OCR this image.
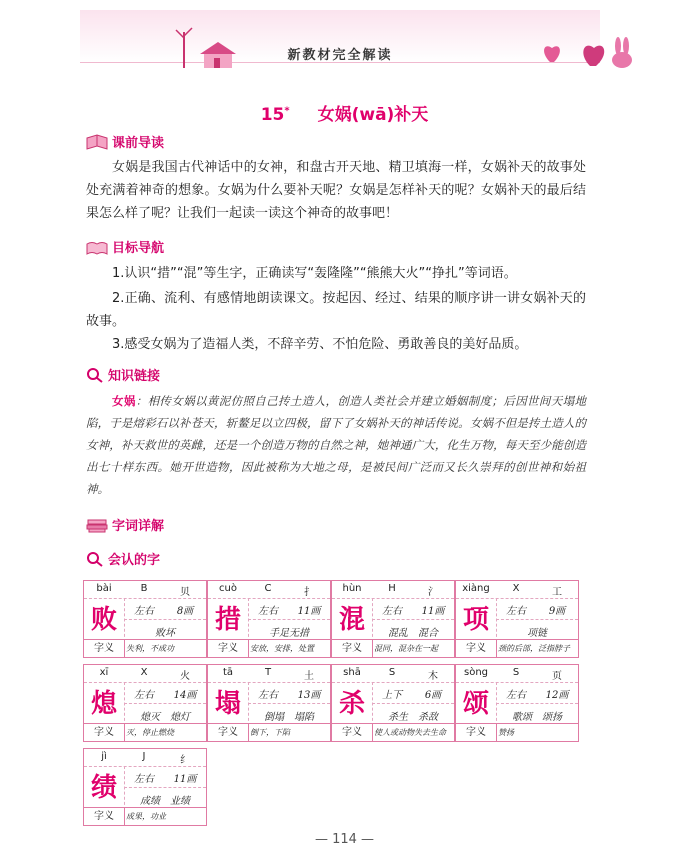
新教材完全解读
15* 女娲(wā)补天
课前导读
女娲是我国古代神话中的女神，和盘古开天地、精卫填海一样，女娲补天的故事处处充满着神奇的想象。女娲为什么要补天呢？女娲是怎样补天的呢？女娲补天的最后结果怎么样了呢？让我们一起读一读这个神奇的故事吧！
目标导航
1.认识“措”“混”等生字，正确读写“轰隆隆”“熊熊大火”“挣扎”等词语。
2.正确、流利、有感情地朗读课文。按起因、经过、结果的顺序讲一讲女娲补天的故事。
3.感受女娲为了造福人类，不辞辛劳、不怕危险、勇敢善良的美好品质。
知识链接
女娲：相传女娲以黄泥仿照自己抟土造人，创造人类社会并建立婚姻制度；后因世间天塌地陷，于是熔彩石以补苍天，斩鳌足以立四极，留下了女娲补天的神话传说。女娲不但是抟土造人的女神，补天救世的英雌，还是一个创造万物的自然之神，她神通广大，化生万物，每天至少能创造出七十样东西。她开世造物，因此被称为大地之母，是被民间广泛而又长久崇拜的创世神和始祖神。
字词详解
会认的字
bài	B	贝
败	左右	8画
败坏
字义	失利，不成功
cuò	C	扌
措	左右	11画
手足无措
字义	安放，安排，处置
hùn	H	氵
混	左右	11画
混乱　混合
字义	混同，混杂在一起
xiàng	X	工
项	左右	9画
项链
字义	颈的后部，泛指脖子
xī	X	火
熄	左右	14画
熄灭　熄灯
字义	灭，停止燃烧
tā	T	土
塌	左右	13画
倒塌　塌陷
字义	倒下，下陷
shā	S	木
杀	上下	6画
杀生　杀敌
字义	使人或动物失去生命
sòng	S	页
颂	左右	12画
歌颂　颂扬
字义	赞扬
jì	J	纟
绩	左右	11画
成绩　业绩
字义	成果，功业
— 114 —
